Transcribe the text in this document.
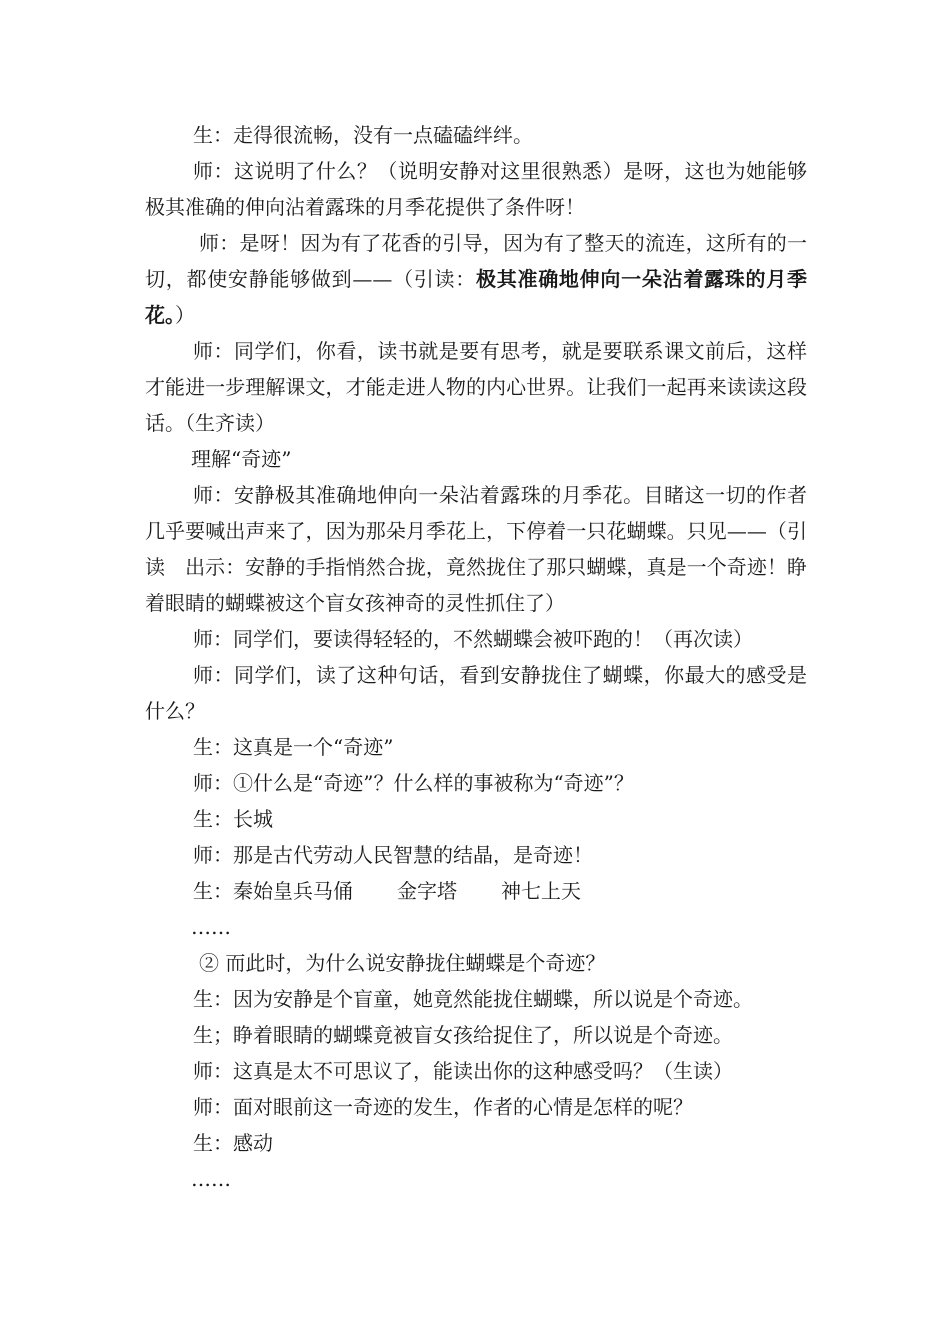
生：走得很流畅，没有一点磕磕绊绊。

师：这说明了什么？（说明安静对这里很熟悉）是呀，这也为她能够极其准确的伸向沾着露珠的月季花提供了条件呀！

师：是呀！因为有了花香的引导，因为有了整天的流连，这所有的一切，都使安静能够做到——（引读：极其准确地伸向一朵沾着露珠的月季花。）

师：同学们，你看，读书就是要有思考，就是要联系课文前后，这样才能进一步理解课文，才能走进人物的内心世界。让我们一起再来读读这段话。（生齐读）

理解“奇迹”

师：安静极其准确地伸向一朵沾着露珠的月季花。目睹这一切的作者几乎要喊出声来了，因为那朵月季花上，下停着一只花蝴蝶。只见——（引读 出示：安静的手指悄然合拢，竟然拢住了那只蝴蝶，真是一个奇迹！睁着眼睛的蝴蝶被这个盲女孩神奇的灵性抓住了）

师：同学们，要读得轻轻的，不然蝴蝶会被吓跑的！（再次读）

师：同学们，读了这种句话，看到安静拢住了蝴蝶，你最大的感受是什么？

生：这真是一个“奇迹”

师：①什么是“奇迹”？什么样的事被称为“奇迹”？

生：长城

师：那是古代劳动人民智慧的结晶，是奇迹！

生：秦始皇兵马俑 金字塔 神七上天

……

② 而此时，为什么说安静拢住蝴蝶是个奇迹？

生：因为安静是个盲童，她竟然能拢住蝴蝶，所以说是个奇迹。

生；睁着眼睛的蝴蝶竟被盲女孩给捉住了，所以说是个奇迹。

师：这真是太不可思议了，能读出你的这种感受吗？（生读）

师：面对眼前这一奇迹的发生，作者的心情是怎样的呢？

生：感动

……
